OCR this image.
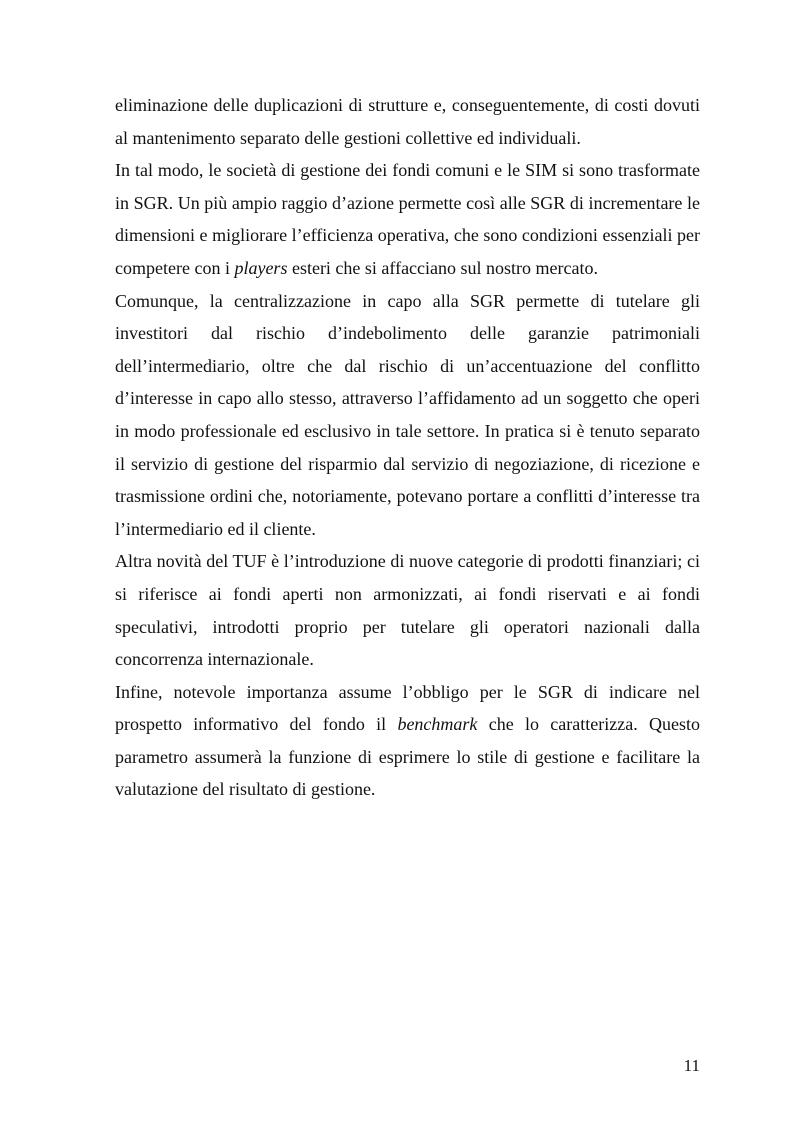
eliminazione delle duplicazioni di strutture e, conseguentemente, di costi dovuti al mantenimento separato delle gestioni collettive ed individuali.

In tal modo, le società di gestione dei fondi comuni e le SIM si sono trasformate in SGR. Un più ampio raggio d’azione permette così alle SGR di incrementare le dimensioni e migliorare l’efficienza operativa, che sono condizioni essenziali per competere con i players esteri che si affacciano sul nostro mercato.

Comunque, la centralizzazione in capo alla SGR permette di tutelare gli investitori dal rischio d’indebolimento delle garanzie patrimoniali dell’intermediario, oltre che dal rischio di un’accentuazione del conflitto d’interesse in capo allo stesso, attraverso l’affidamento ad un soggetto che operi in modo professionale ed esclusivo in tale settore. In pratica si è tenuto separato il servizio di gestione del risparmio dal servizio di negoziazione, di ricezione e trasmissione ordini che, notoriamente, potevano portare a conflitti d’interesse tra l’intermediario ed il cliente.

Altra novità del TUF è l’introduzione di nuove categorie di prodotti finanziari; ci si riferisce ai fondi aperti non armonizzati, ai fondi riservati e ai fondi speculativi, introdotti proprio per tutelare gli operatori nazionali dalla concorrenza internazionale.

Infine, notevole importanza assume l’obbligo per le SGR di indicare nel prospetto informativo del fondo il benchmark che lo caratterizza. Questo parametro assumerà la funzione di esprimere lo stile di gestione e facilitare la valutazione del risultato di gestione.

11
